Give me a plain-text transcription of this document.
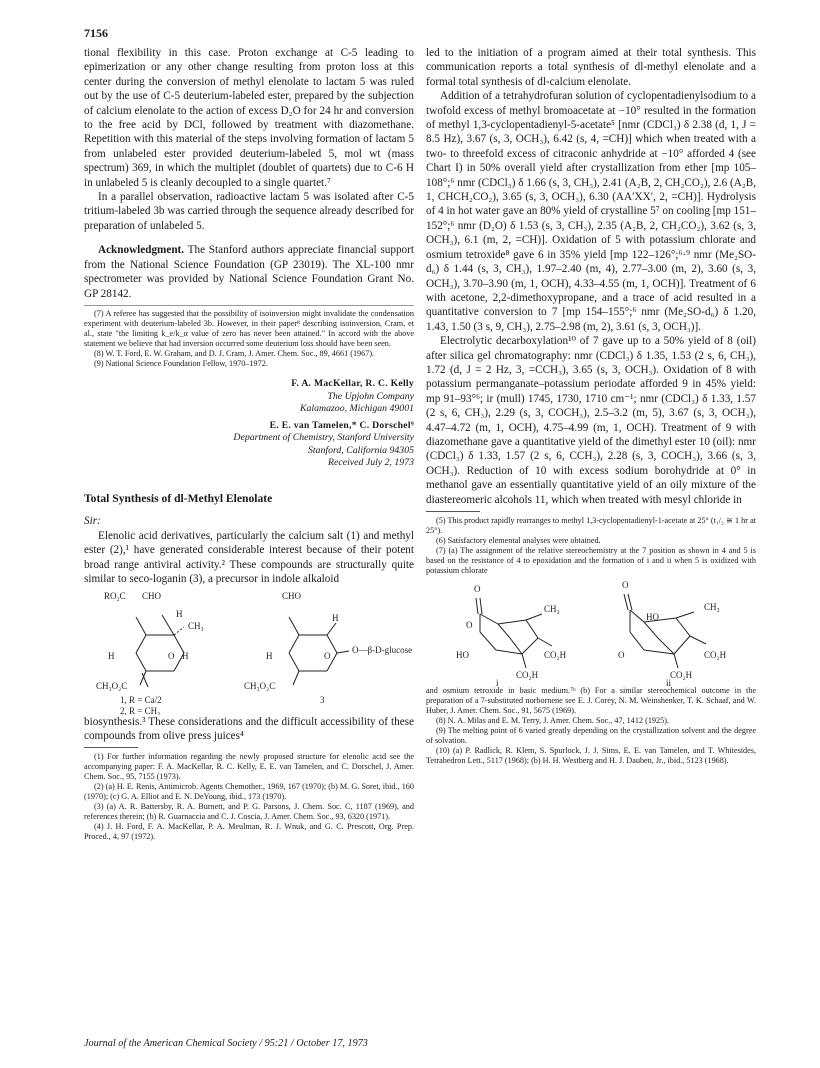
7156

tional flexibility in this case. Proton exchange at C-5 leading to epimerization or any other change resulting from proton loss at this center during the conversion of methyl elenolate to lactam 5 was ruled out by the use of C-5 deuterium-labeled ester, prepared by the subjection of calcium elenolate to the action of excess D₂O for 24 hr and conversion to the free acid by DCl, followed by treatment with diazomethane. Repetition with this material of the steps involving formation of lactam 5 from unlabeled ester provided deuterium-labeled 5, mol wt (mass spectrum) 369, in which the multiplet (doublet of quartets) due to C-6 H in unlabeled 5 is cleanly decoupled to a single quartet.⁷

In a parallel observation, radioactive lactam 5 was isolated after C-5 tritium-labeled 3b was carried through the sequence already described for preparation of unlabeled 5.

Acknowledgment. The Stanford authors appreciate financial support from the National Science Foundation (GP 23019). The XL-100 nmr spectrometer was provided by National Science Foundation Grant No. GP 28142.

(7) A referee has suggested that the possibility of isoinversion might invalidate the condensation experiment with deuterium-labeled 3b. However, in their paper⁸ describing isoinversion, Cram, et al., state "the limiting k_e/k_α value of zero has never been attained." In accord with the above statement we believe that had inversion occurred some deuterium loss should have been seen.

(8) W. T. Ford, E. W. Graham, and D. J. Cram, J. Amer. Chem. Soc., 89, 4661 (1967).

(9) National Science Foundation Fellow, 1970–1972.

F. A. MacKellar, R. C. Kelly

The Upjohn Company

Kalamazoo, Michigan 49001

E. E. van Tamelen,* C. Dorschel⁹

Department of Chemistry, Stanford University

Stanford, California 94305

Received July 2, 1973

Total Synthesis of dl-Methyl Elenolate

Sir:

Elenolic acid derivatives, particularly the calcium salt (1) and methyl ester (2),¹ have generated considerable interest because of their potent broad range antiviral activity.² These compounds are structurally quite similar to seco-loganin (3), a precursor in indole alkaloid

RO₂C CHO
H
CH₃
H	O H
CH₃O₂C
1, R = Ca/2
2, R = CH₃
CHO
H
O
O—β-D-glucose
H
CH₃O₂C
3

biosynthesis.³ These considerations and the difficult accessibility of these compounds from olive press juices⁴

(1) For further information regarding the newly proposed structure for elenolic acid see the accompanying paper: F. A. MacKellar, R. C. Kelly, E. E. van Tamelen, and C. Dorschel, J. Amer. Chem. Soc., 95, 7155 (1973).

(2) (a) H. E. Renis, Antimicrob. Agents Chemother., 1969, 167 (1970); (b) M. G. Soret, ibid., 160 (1970); (c) G. A. Elliot and E. N. DeYoung, ibid., 173 (1970).

(3) (a) A. R. Battersby, R. A. Burnett, and P. G. Parsons, J. Chem. Soc. C, 1187 (1969), and references therein; (b) R. Guarnaccia and C. J. Coscia, J. Amer. Chem. Soc., 93, 6320 (1971).

(4) J. H. Ford, F. A. MacKellar, P. A. Meulman, R. J. Wnuk, and G. C. Prescott, Org. Prep. Proced., 4, 97 (1972).

led to the initiation of a program aimed at their total synthesis. This communication reports a total synthesis of dl-methyl elenolate and a formal total synthesis of dl-calcium elenolate.

Addition of a tetrahydrofuran solution of cyclopentadienylsodium to a twofold excess of methyl bromoacetate at −10° resulted in the formation of methyl 1,3-cyclopentadienyl-5-acetate⁵ [nmr (CDCl₃) δ 2.38 (d, 1, J = 8.5 Hz), 3.67 (s, 3, OCH₃), 6.42 (s, 4, =CH)] which when treated with a two- to threefold excess of citraconic anhydride at −10° afforded 4 (see Chart I) in 50% overall yield after crystallization from ether [mp 105–108°;⁶ nmr (CDCl₃) δ 1.66 (s, 3, CH₃), 2.41 (A₂B, 2, CH₂CO₂), 2.6 (A₂B, 1, CHCH₂CO₂), 3.65 (s, 3, OCH₃), 6.30 (AA′XX′, 2, =CH)]. Hydrolysis of 4 in hot water gave an 80% yield of crystalline 5⁷ on cooling [mp 151–152°;⁶ nmr (D₂O) δ 1.53 (s, 3, CH₃), 2.35 (A₂B, 2, CH₂CO₂), 3.62 (s, 3, OCH₃), 6.1 (m, 2, =CH)]. Oxidation of 5 with potassium chlorate and osmium tetroxide⁸ gave 6 in 35% yield [mp 122–126°;⁶·⁹ nmr (Me₂SO-d₆) δ 1.44 (s, 3, CH₃), 1.97–2.40 (m, 4), 2.77–3.00 (m, 2), 3.60 (s, 3, OCH₃), 3.70–3.90 (m, 1, OCH), 4.33–4.55 (m, 1, OCH)]. Treatment of 6 with acetone, 2,2-dimethoxypropane, and a trace of acid resulted in a quantitative conversion to 7 [mp 154–155°;⁶ nmr (Me₂SO-d₆) δ 1.20, 1.43, 1.50 (3 s, 9, CH₃), 2.75–2.98 (m, 2), 3.61 (s, 3, OCH₃)].

Electrolytic decarboxylation¹⁰ of 7 gave up to a 50% yield of 8 (oil) after silica gel chromatography: nmr (CDCl₃) δ 1.35, 1.53 (2 s, 6, CH₃), 1.72 (d, J = 2 Hz, 3, =CCH₃), 3.65 (s, 3, OCH₃). Oxidation of 8 with potassium permanganate–potassium periodate afforded 9 in 45% yield: mp 91–93°⁶; ir (mull) 1745, 1730, 1710 cm⁻¹; nmr (CDCl₃) δ 1.33, 1.57 (2 s, 6, CH₃), 2.29 (s, 3, COCH₃), 2.5–3.2 (m, 5), 3.67 (s, 3, OCH₃), 4.47–4.72 (m, 1, OCH), 4.75–4.99 (m, 1, OCH). Treatment of 9 with diazomethane gave a quantitative yield of the dimethyl ester 10 (oil): nmr (CDCl₃) δ 1.33, 1.57 (2 s, 6, CCH₃), 2.28 (s, 3, COCH₃), 3.66 (s, 3, OCH₃). Reduction of 10 with excess sodium borohydride at 0° in methanol gave an essentially quantitative yield of an oily mixture of the diastereomeric alcohols 11, which when treated with mesyl chloride in

(5) This product rapidly rearranges to methyl 1,3-cyclopentadienyl-1-acetate at 25° (t₁/₂ ≅ 1 hr at 25°).

(6) Satisfactory elemental analyses were obtained.

(7) (a) The assignment of the relative stereochemistry at the 7 position as shown in 4 and 5 is based on the resistance of 4 to epoxidation and the formation of i and ii when 5 is oxidized with potassium chlorate

O
O
CH₃
HO	CO₂H
CO₂H
i
O
HO
CH₃
O	CO₂H
CO₂H
ii

and osmium tetroxide in basic medium.⁷ᵇ (b) For a similar stereochemical outcome in the preparation of a 7-substituted norbornene see E. J. Corey, N. M. Weinshenker, T. K. Schaaf, and W. Huber, J. Amer. Chem. Soc., 91, 5675 (1969).

(8) N. A. Milas and E. M. Terry, J. Amer. Chem. Soc., 47, 1412 (1925).

(9) The melting point of 6 varied greatly depending on the crystallization solvent and the degree of solvation.

(10) (a) P. Radlick, R. Klem, S. Spurlock, J. J. Sims, E. E. van Tamelen, and T. Whitesides, Tetrahedron Lett., 5117 (1968); (b) H. H. Westberg and H. J. Dauben, Jr., ibid., 5123 (1968).

Journal of the American Chemical Society / 95:21 / October 17, 1973
